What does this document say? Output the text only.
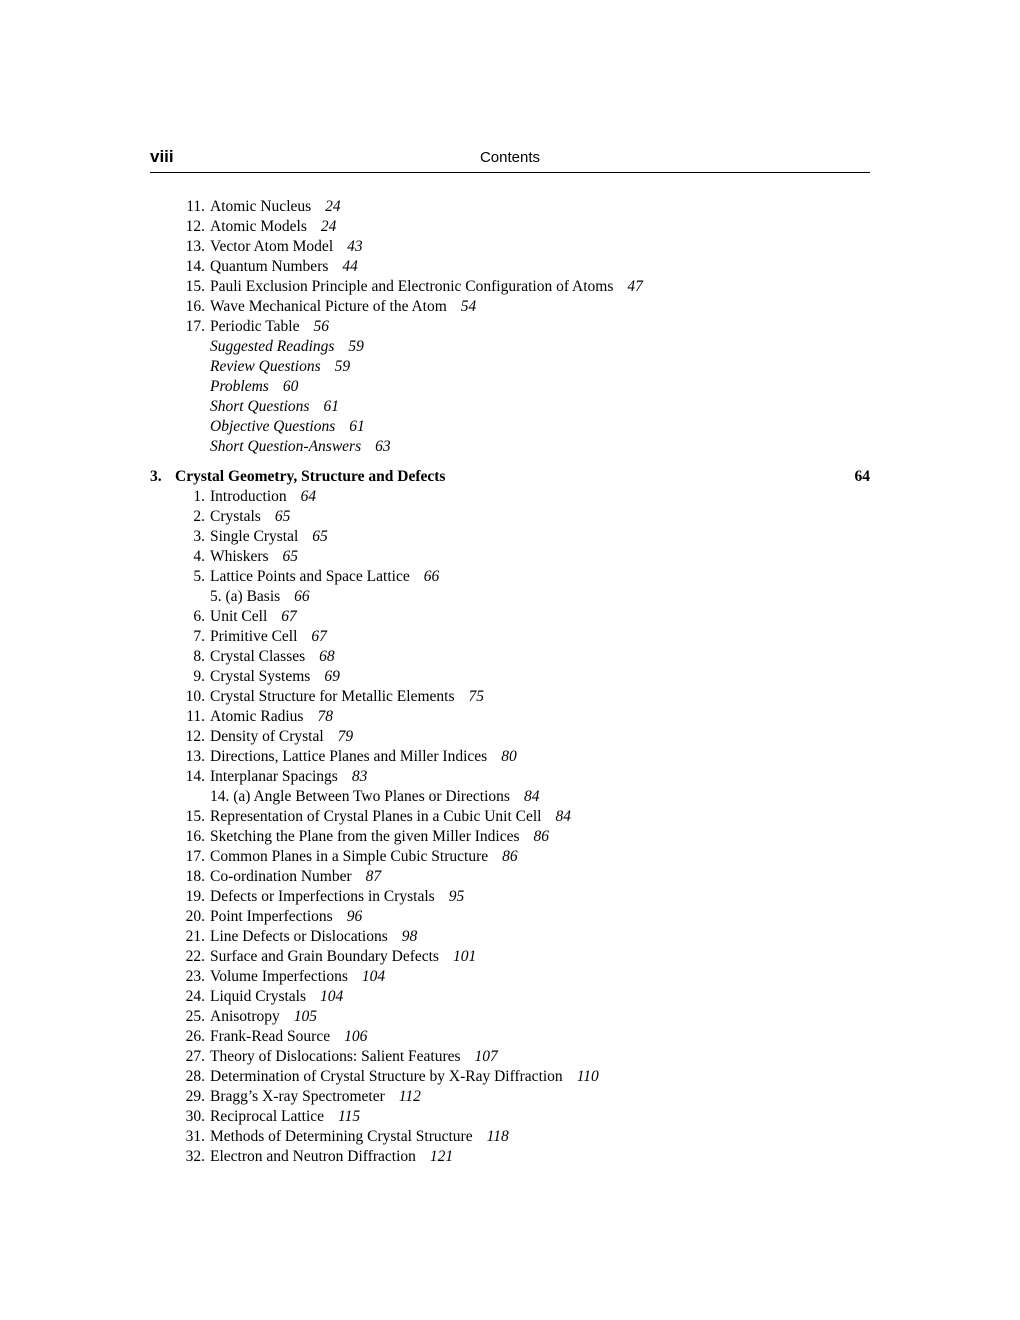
viii	Contents
11. Atomic Nucleus 24
12. Atomic Models 24
13. Vector Atom Model 43
14. Quantum Numbers 44
15. Pauli Exclusion Principle and Electronic Configuration of Atoms 47
16. Wave Mechanical Picture of the Atom 54
17. Periodic Table 56
Suggested Readings 59
Review Questions 59
Problems 60
Short Questions 61
Objective Questions 61
Short Question-Answers 63
3. Crystal Geometry, Structure and Defects	64
1. Introduction 64
2. Crystals 65
3. Single Crystal 65
4. Whiskers 65
5. Lattice Points and Space Lattice 66
5. (a) Basis 66
6. Unit Cell 67
7. Primitive Cell 67
8. Crystal Classes 68
9. Crystal Systems 69
10. Crystal Structure for Metallic Elements 75
11. Atomic Radius 78
12. Density of Crystal 79
13. Directions, Lattice Planes and Miller Indices 80
14. Interplanar Spacings 83
14. (a) Angle Between Two Planes or Directions 84
15. Representation of Crystal Planes in a Cubic Unit Cell 84
16. Sketching the Plane from the given Miller Indices 86
17. Common Planes in a Simple Cubic Structure 86
18. Co-ordination Number 87
19. Defects or Imperfections in Crystals 95
20. Point Imperfections 96
21. Line Defects or Dislocations 98
22. Surface and Grain Boundary Defects 101
23. Volume Imperfections 104
24. Liquid Crystals 104
25. Anisotropy 105
26. Frank-Read Source 106
27. Theory of Dislocations: Salient Features 107
28. Determination of Crystal Structure by X-Ray Diffraction 110
29. Bragg’s X-ray Spectrometer 112
30. Reciprocal Lattice 115
31. Methods of Determining Crystal Structure 118
32. Electron and Neutron Diffraction 121
